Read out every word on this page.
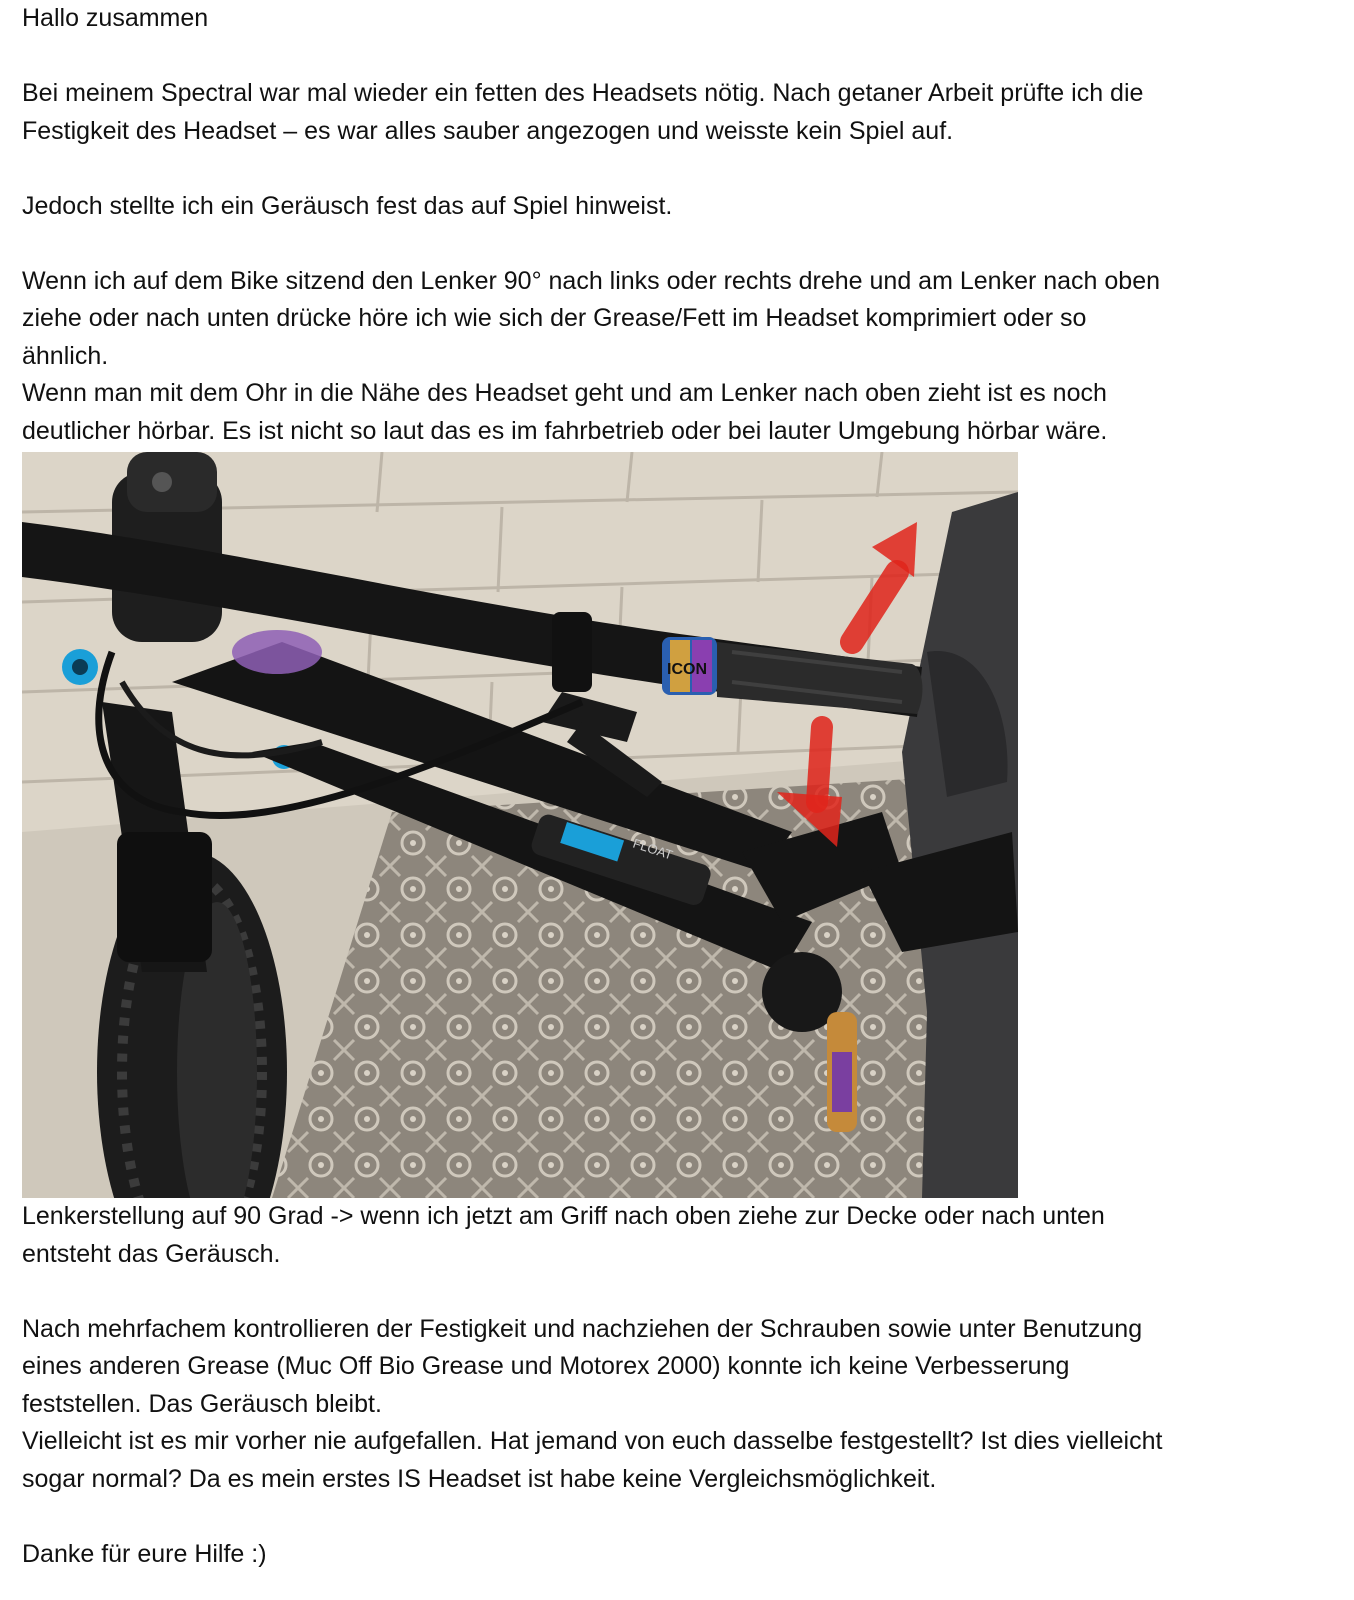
Hallo zusammen

Bei meinem Spectral war mal wieder ein fetten des Headsets nötig. Nach getaner Arbeit prüfte ich die

Festigkeit des Headset – es war alles sauber angezogen und weisste kein Spiel auf.

Jedoch stellte ich ein Geräusch fest das auf Spiel hinweist.

Wenn ich auf dem Bike sitzend den Lenker 90° nach links oder rechts drehe und am Lenker nach oben

ziehe oder nach unten drücke höre ich wie sich der Grease/Fett im Headset komprimiert oder so

ähnlich.

Wenn man mit dem Ohr in die Nähe des Headset geht und am Lenker nach oben zieht ist es noch

deutlicher hörbar. Es ist nicht so laut das es im fahrbetrieb oder bei lauter Umgebung hörbar wäre.

FLOAT
ICON

Lenkerstellung auf 90 Grad -> wenn ich jetzt am Griff nach oben ziehe zur Decke oder nach unten

entsteht das Geräusch.

Nach mehrfachem kontrollieren der Festigkeit und nachziehen der Schrauben sowie unter Benutzung

eines anderen Grease (Muc Off Bio Grease und Motorex 2000) konnte ich keine Verbesserung

feststellen. Das Geräusch bleibt.

Vielleicht ist es mir vorher nie aufgefallen. Hat jemand von euch dasselbe festgestellt? Ist dies vielleicht

sogar normal? Da es mein erstes IS Headset ist habe keine Vergleichsmöglichkeit.

Danke für eure Hilfe :)
